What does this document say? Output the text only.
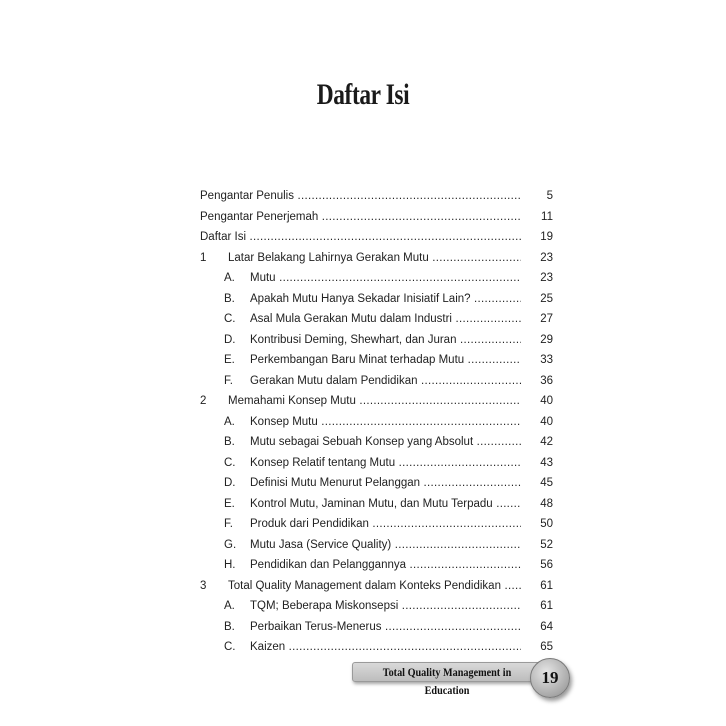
Daftar Isi
Pengantar Penulis .....	5
Pengantar Penerjemah .....	11
Daftar Isi .....	19
1	Latar Belakang Lahirnya Gerakan Mutu .....	23
A.	Mutu .....	23
B.	Apakah Mutu Hanya Sekadar Inisiatif Lain? .....	25
C.	Asal Mula Gerakan Mutu dalam Industri .....	27
D.	Kontribusi Deming, Shewhart, dan Juran .....	29
E.	Perkembangan Baru Minat terhadap Mutu .....	33
F.	Gerakan Mutu dalam Pendidikan .....	36
2	Memahami Konsep Mutu .....	40
A.	Konsep Mutu .....	40
B.	Mutu sebagai Sebuah Konsep yang Absolut .....	42
C.	Konsep Relatif tentang Mutu .....	43
D.	Definisi Mutu Menurut Pelanggan .....	45
E.	Kontrol Mutu, Jaminan Mutu, dan Mutu Terpadu .....	48
F.	Produk dari Pendidikan .....	50
G.	Mutu Jasa (Service Quality) .....	52
H.	Pendidikan dan Pelanggannya .....	56
3	Total Quality Management dalam Konteks Pendidikan .....	61
A.	TQM; Beberapa Miskonsepsi .....	61
B.	Perbaikan Terus-Menerus .....	64
C.	Kaizen .....	65
Total Quality Management in Education
19
